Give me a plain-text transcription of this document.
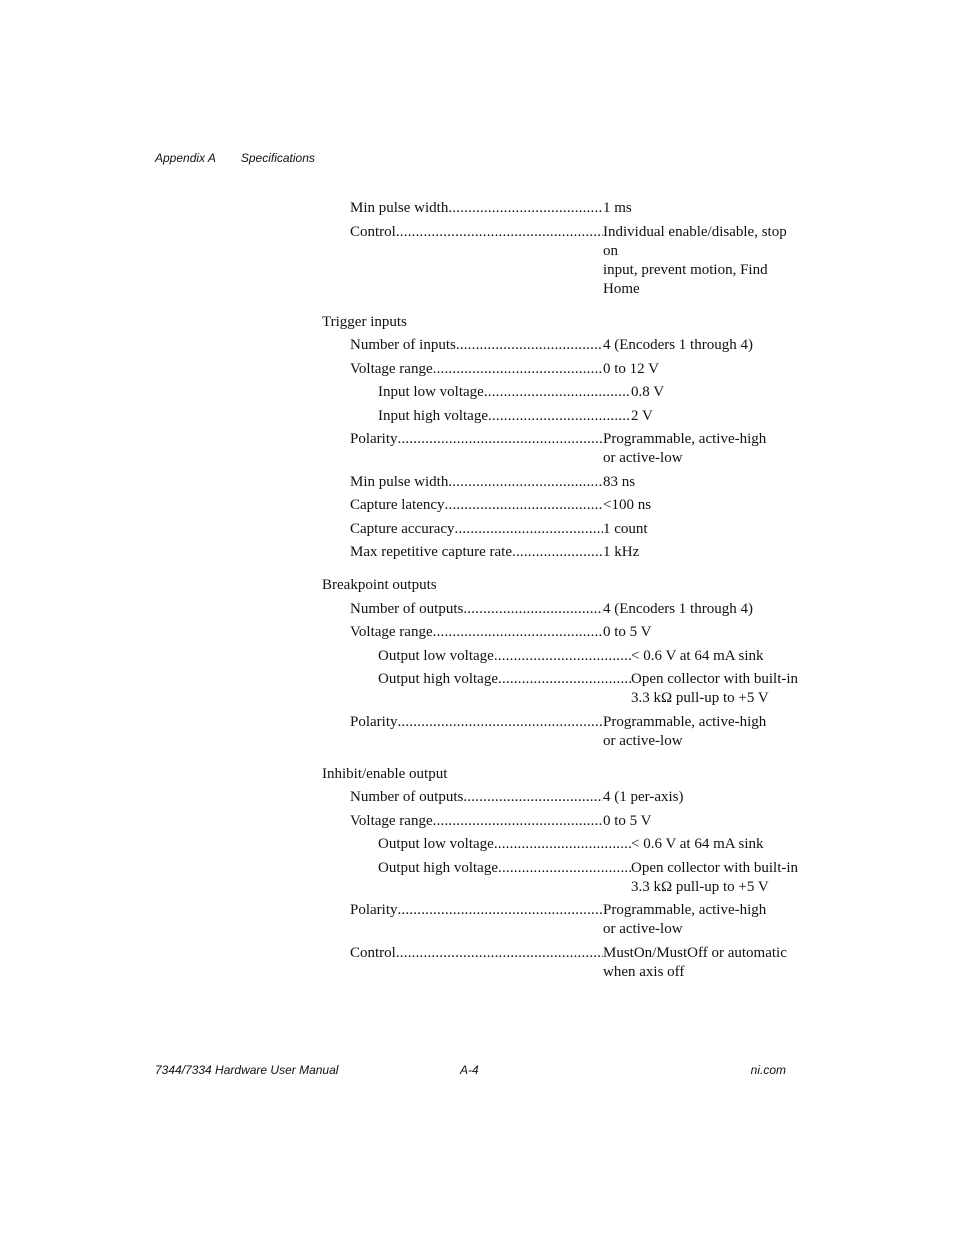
Appendix A Specifications
Min pulse width .....	1 ms
Control .....	Individual enable/disable, stop on
input, prevent motion, Find Home
Trigger inputs
Number of inputs .....	4 (Encoders 1 through 4)
Voltage range .....	0 to 12 V
Input low voltage .....	0.8 V
Input high voltage .....	2 V
Polarity .....	Programmable, active-high
or active-low
Min pulse width .....	83 ns
Capture latency .....	<100 ns
Capture accuracy .....	1 count
Max repetitive capture rate .....	1 kHz
Breakpoint outputs
Number of outputs .....	4 (Encoders 1 through 4)
Voltage range .....	0 to 5 V
Output low voltage .....	< 0.6 V at 64 mA sink
Output high voltage .....	Open collector with built-in
3.3 kΩ pull-up to +5 V
Polarity .....	Programmable, active-high
or active-low
Inhibit/enable output
Number of outputs .....	4 (1 per-axis)
Voltage range .....	0 to 5 V
Output low voltage .....	< 0.6 V at 64 mA sink
Output high voltage .....	Open collector with built-in
3.3 kΩ pull-up to +5 V
Polarity .....	Programmable, active-high
or active-low
Control .....	MustOn/MustOff or automatic
when axis off
7344/7334 Hardware User Manual	A-4	ni.com
